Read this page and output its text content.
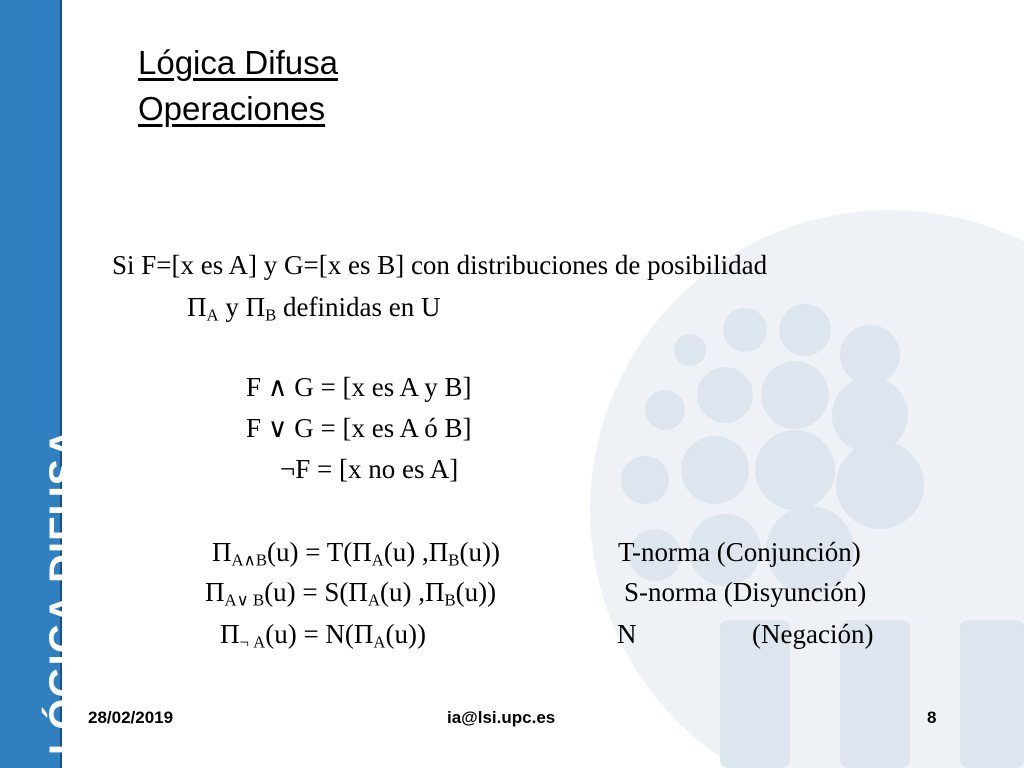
LÓGICA DIFUSA
Lógica Difusa
Operaciones
Si F=[x es A] y G=[x es B] con distribuciones de posibilidad
$\Pi_A$ y $\Pi_B$ definidas en U
F ∧ G = [x es A y B]
F ∨ G = [x es A ó B]
¬F = [x no es A]
$\Pi_{A\wedge B}(u) = T(\Pi_A(u)$ $,\Pi_B(u)$)	T-norma (Conjunción)
$\Pi_{A\vee B}(u) = S(\Pi_A(u)$ $,\Pi_B(u)$)	S-norma (Disyunción)
$\Pi_{\neg A}(u) = N(\Pi_A(u))$	N	(Negación)
28/02/2019	ia@lsi.upc.es	8
